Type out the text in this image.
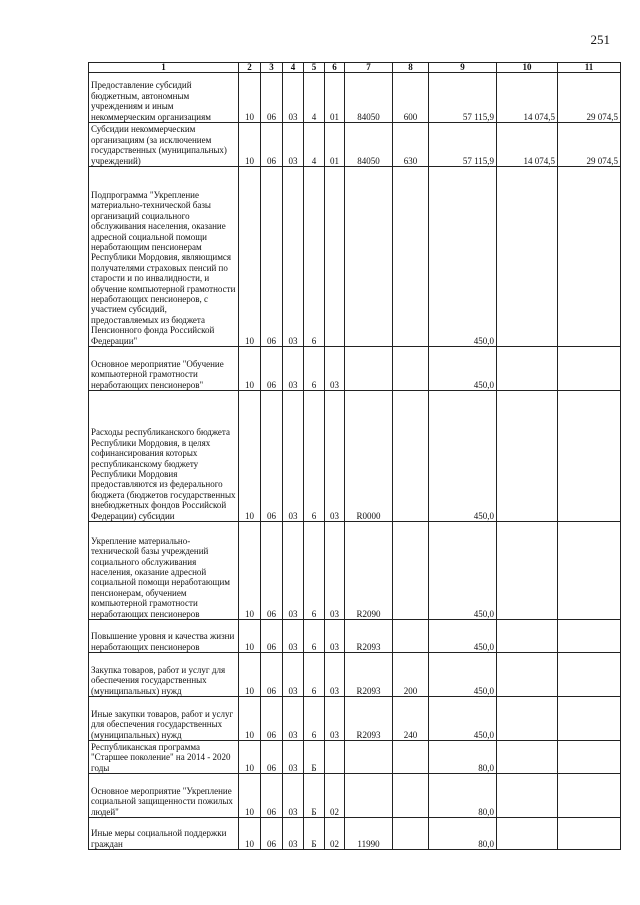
251
1	2	3	4	5	6	7	8	9	10	11
Предоставление субсидий бюджетным, автономным учреждениям и иным некоммерческим организациям	10	06	03	4	01	84050	600	57 115,9	14 074,5	29 074,5
Субсидии некоммерческим организациям (за исключением государственных (муниципальных) учреждений)	10	06	03	4	01	84050	630	57 115,9	14 074,5	29 074,5
Подпрограмма "Укрепление материально-технической базы организаций социального обслуживания населения, оказание адресной социальной помощи неработающим пенсионерам Республики Мордовия, являющимся получателями страховых пенсий по старости и по инвалидности, и обучение компьютерной грамотности неработающих пенсионеров, с участием субсидий, предоставляемых из бюджета Пенсионного фонда Российской Федерации"	10	06	03	6				450,0		
Основное мероприятие "Обучение компьютерной грамотности неработающих пенсионеров"	10	06	03	6	03			450,0		
Расходы республиканского бюджета Республики Мордовия, в целях софинансирования которых республиканскому бюджету Республики Мордовия предоставляются из федерального бюджета (бюджетов государственных внебюджетных фондов Российской Федерации) субсидии	10	06	03	6	03	R0000		450,0		
Укрепление материально-технической базы учреждений социального обслуживания населения, оказание адресной социальной помощи неработающим пенсионерам, обучением компьютерной грамотности неработающих пенсионеров	10	06	03	6	03	R2090		450,0		
Повышение уровня и качества жизни неработающих пенсионеров	10	06	03	6	03	R2093		450,0		
Закупка товаров, работ и услуг для обеспечения государственных (муниципальных) нужд	10	06	03	6	03	R2093	200	450,0		
Иные закупки товаров, работ и услуг для обеспечения государственных (муниципальных) нужд	10	06	03	6	03	R2093	240	450,0		
Республиканская программа "Старшее поколение" на 2014 - 2020 годы	10	06	03	Б				80,0		
Основное мероприятие "Укрепление социальной защищенности пожилых людей"	10	06	03	Б	02			80,0		
Иные меры социальной поддержки граждан	10	06	03	Б	02	11990		80,0		
